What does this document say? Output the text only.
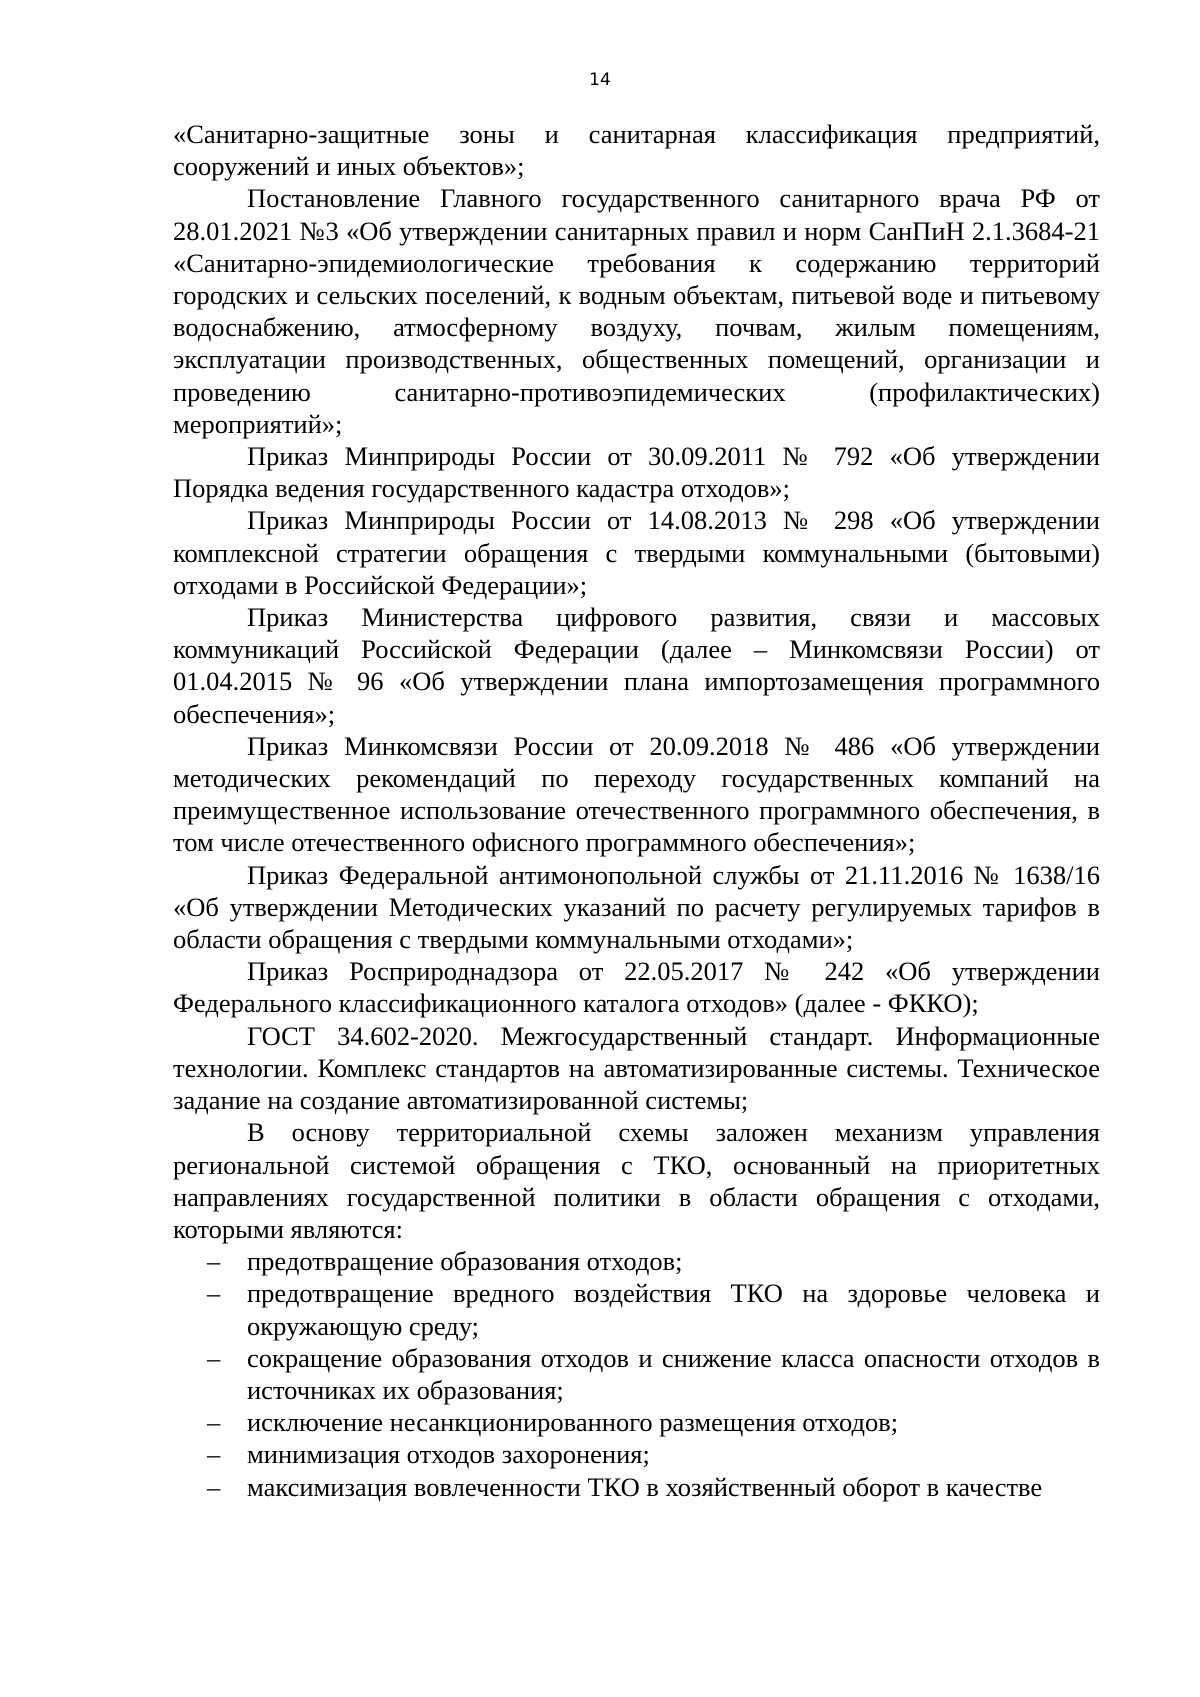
14

«Санитарно-защитные зоны и санитарная классификация предприятий, сооружений и иных объектов»;

Постановление Главного государственного санитарного врача РФ от 28.01.2021 №3 «Об утверждении санитарных правил и норм СанПиН 2.1.3684-21 «Санитарно-эпидемиологические требования к содержанию территорий городских и сельских поселений, к водным объектам, питьевой воде и питьевому водоснабжению, атмосферному воздуху, почвам, жилым помещениям, эксплуатации производственных, общественных помещений, организации и проведению санитарно-противоэпидемических (профилактических) мероприятий»;

Приказ Минприроды России от 30.09.2011 № 792 «Об утверждении Порядка ведения государственного кадастра отходов»;

Приказ Минприроды России от 14.08.2013 № 298 «Об утверждении комплексной стратегии обращения с твердыми коммунальными (бытовыми) отходами в Российской Федерации»;

Приказ Министерства цифрового развития, связи и массовых коммуникаций Российской Федерации (далее – Минкомсвязи России) от 01.04.2015 № 96 «Об утверждении плана импортозамещения программного обеспечения»;

Приказ Минкомсвязи России от 20.09.2018 № 486 «Об утверждении методических рекомендаций по переходу государственных компаний на преимущественное использование отечественного программного обеспечения, в том числе отечественного офисного программного обеспечения»;

Приказ Федеральной антимонопольной службы от 21.11.2016 № 1638/16 «Об утверждении Методических указаний по расчету регулируемых тарифов в области обращения с твердыми коммунальными отходами»;

Приказ Росприроднадзора от 22.05.2017 № 242 «Об утверждении Федерального классификационного каталога отходов» (далее - ФККО);

ГОСТ 34.602-2020. Межгосударственный стандарт. Информационные технологии. Комплекс стандартов на автоматизированные системы. Техническое задание на создание автоматизированной системы;

В основу территориальной схемы заложен механизм управления региональной системой обращения с ТКО, основанный на приоритетных направлениях государственной политики в области обращения с отходами, которыми являются:

– предотвращение образования отходов;
– предотвращение вредного воздействия ТКО на здоровье человека и окружающую среду;
– сокращение образования отходов и снижение класса опасности отходов в источниках их образования;
– исключение несанкционированного размещения отходов;
– минимизация отходов захоронения;
– максимизация вовлеченности ТКО в хозяйственный оборот в качестве
